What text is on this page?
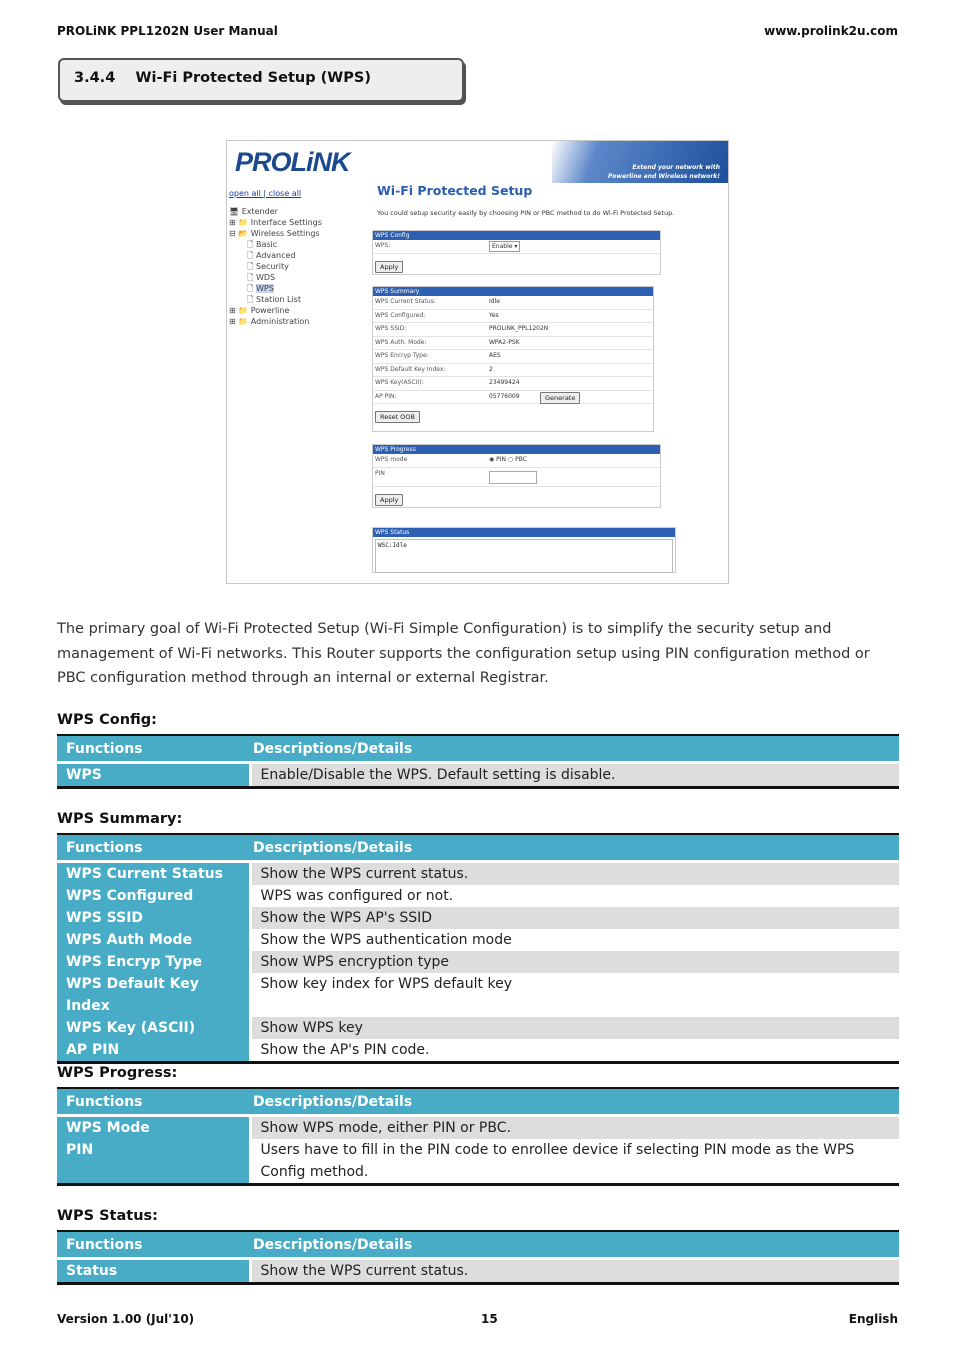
PROLiNK PPL1202N User Manual	www.prolink2u.com
3.4.4    Wi-Fi Protected Setup (WPS)
PROLiNK	Extend your network with
Powerline and Wireless network!
open all | close all
🖥 Extender
⊞ 📁 Interface Settings
⊟ 📂 Wireless Settings
🗋 Basic
🗋 Advanced
🗋 Security
🗋 WDS
🗋 WPS
🗋 Station List
⊞ 📁 Powerline
⊞ 📁 Administration
Wi-Fi Protected Setup
You could setup security easily by choosing PIN or PBC method to do Wi-Fi Protected Setup.
WPS Config
WPS:	Enable ▾
Apply
WPS Summary
WPS Current Status:	Idle
WPS Configured:	Yes
WPS SSID:	PROLiNK_PPL1202N
WPS Auth. Mode:	WPA2-PSK
WPS Encryp Type:	AES
WPS Default Key Index:	2
WPS Key(ASCII):	23499424
AP PIN:	05776009	Generate
Reset OOB
WPS Progress
WPS mode	◉ PIN ○ PBC
PIN
Apply
WPS Status
WSC:Idle
The primary goal of Wi-Fi Protected Setup (Wi-Fi Simple Configuration) is to simplify the security setup and management of Wi-Fi networks. This Router supports the configuration setup using PIN configuration method or PBC configuration method through an internal or external Registrar.
WPS Config:
Functions	Descriptions/Details

WPS	Enable/Disable the WPS. Default setting is disable.
WPS Summary:
Functions	Descriptions/Details

WPS Current Status	Show the WPS current status.
WPS Configured	WPS was configured or not.
WPS SSID	Show the WPS AP's SSID
WPS Auth Mode	Show the WPS authentication mode
WPS Encryp Type	Show WPS encryption type
WPS Default Key Index	Show key index for WPS default key
WPS Key (ASCII)	Show WPS key
AP PIN	Show the AP's PIN code.
WPS Progress:
Functions	Descriptions/Details

WPS Mode	Show WPS mode, either PIN or PBC.
PIN	Users have to fill in the PIN code to enrollee device if selecting PIN mode as the WPS Config method.
WPS Status:
Functions	Descriptions/Details

Status	Show the WPS current status.
Version 1.00 (Jul'10)	15	English
